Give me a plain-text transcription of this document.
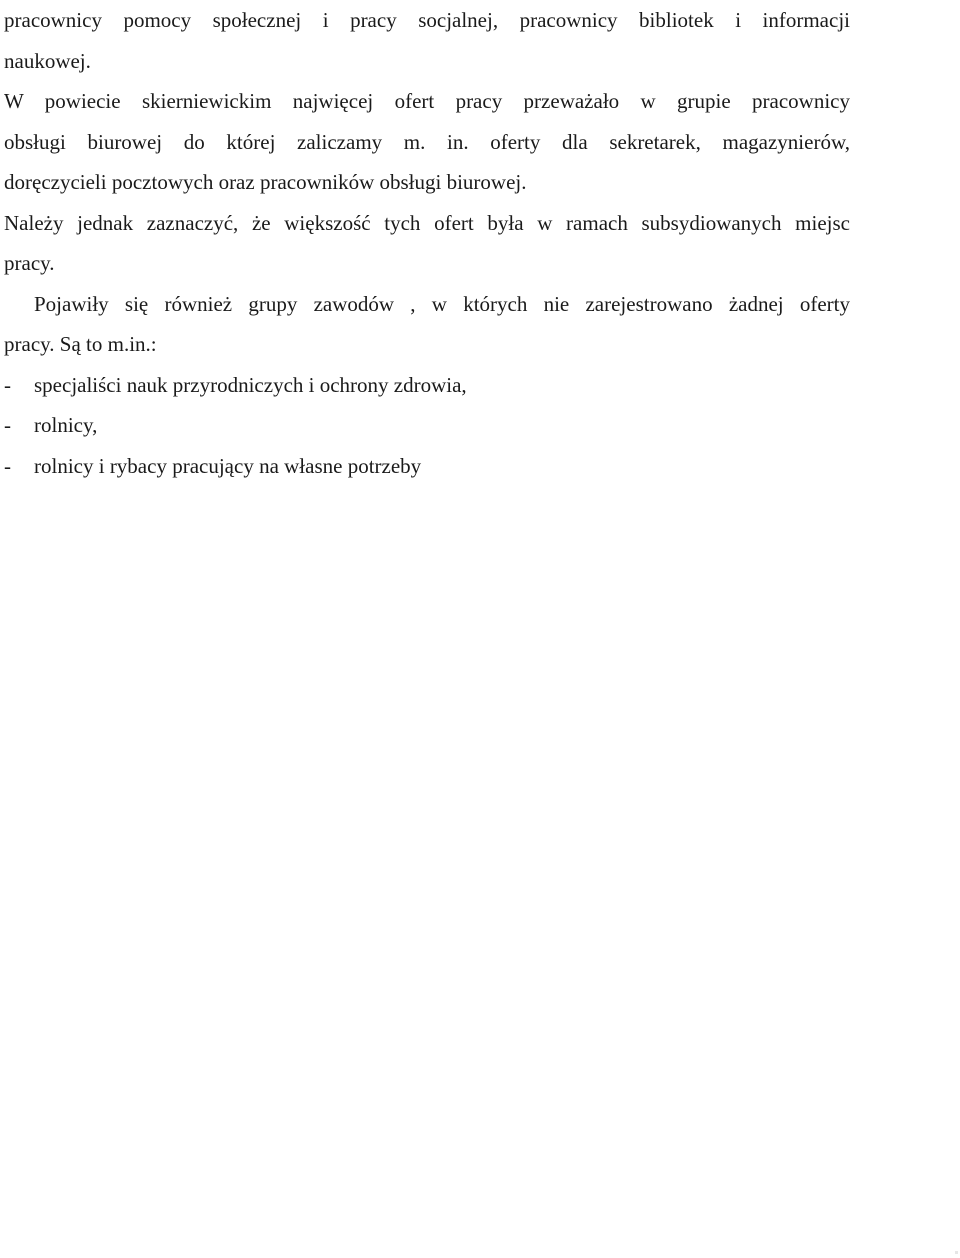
pracownicy pomocy społecznej i pracy socjalnej, pracownicy bibliotek i informacji
naukowej.

W powiecie skierniewickim najwięcej ofert pracy przeważało w grupie pracownicy
obsługi biurowej do której zaliczamy m. in. oferty dla sekretarek, magazynierów,
doręczycieli pocztowych oraz pracowników obsługi biurowej.

Należy jednak zaznaczyć, że większość tych ofert była w ramach subsydiowanych miejsc
pracy.

Pojawiły się również grupy zawodów , w których nie zarejestrowano żadnej oferty
pracy. Są to m.in.:

-	specjaliści nauk przyrodniczych i ochrony zdrowia,
-	rolnicy,
-	rolnicy i rybacy pracujący na własne potrzeby
